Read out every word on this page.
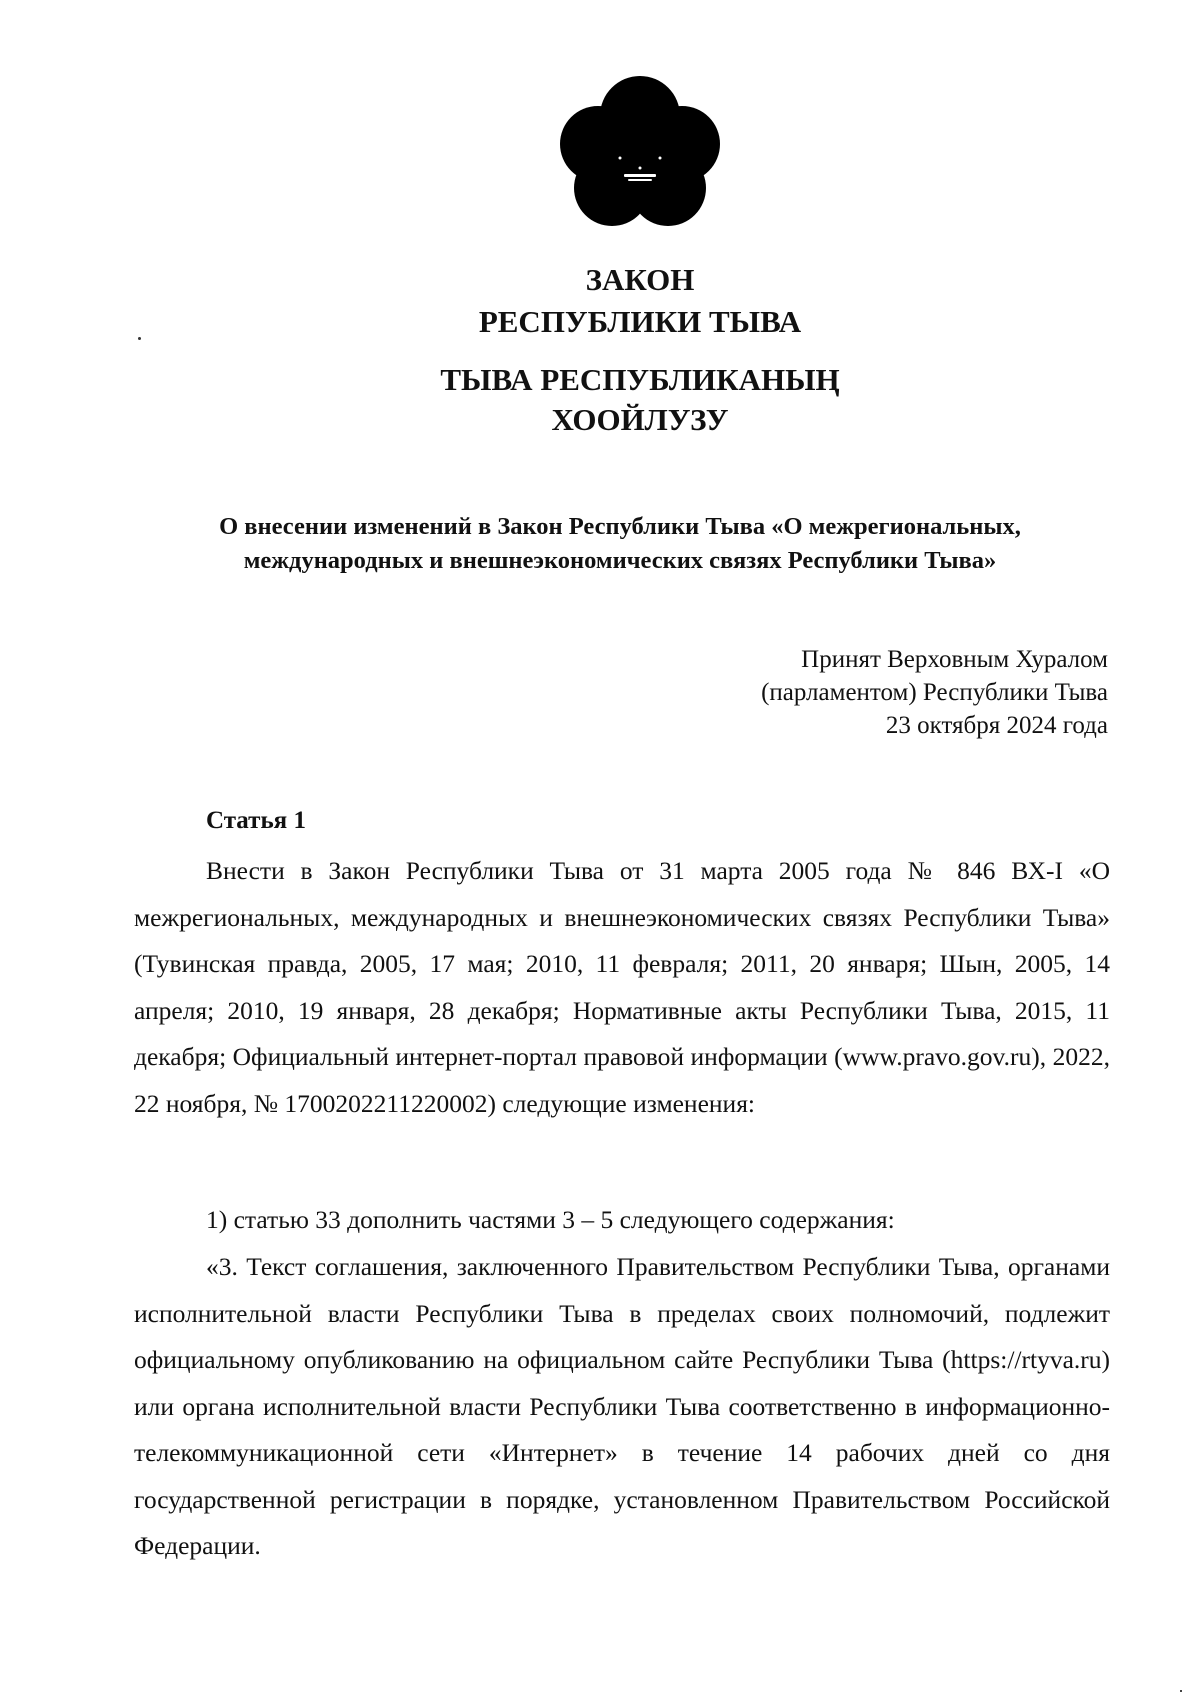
ЗАКОН
РЕСПУБЛИКИ ТЫВА
ТЫВА РЕСПУБЛИКАНЫҢ
ХООЙЛУЗУ
О внесении изменений в Закон Республики Тыва «О межрегиональных,
международных и внешнеэкономических связях Республики Тыва»
Принят Верховным Хуралом
(парламентом) Республики Тыва
23 октября 2024 года
Статья 1

Внести в Закон Республики Тыва от 31 марта 2005 года № 846 ВХ-I «О межрегиональных, международных и внешнеэкономических связях Республики Тыва» (Тувинская правда, 2005, 17 мая; 2010, 11 февраля; 2011, 20 января; Шын, 2005, 14 апреля; 2010, 19 января, 28 декабря; Нормативные акты Республики Тыва, 2015, 11 декабря; Официальный интернет-портал правовой информации (www.pravo.gov.ru), 2022, 22 ноября, № 1700202211220002) следующие изменения:

1) статью 33 дополнить частями 3 – 5 следующего содержания:

«3. Текст соглашения, заключенного Правительством Республики Тыва, органами исполнительной власти Республики Тыва в пределах своих полномочий, подлежит официальному опубликованию на официальном сайте Республики Тыва (https://rtyva.ru) или органа исполнительной власти Республики Тыва соответственно в информационно-телекоммуникационной сети «Интернет» в течение 14 рабочих дней со дня государственной регистрации в порядке, установленном Правительством Российской Федерации.
